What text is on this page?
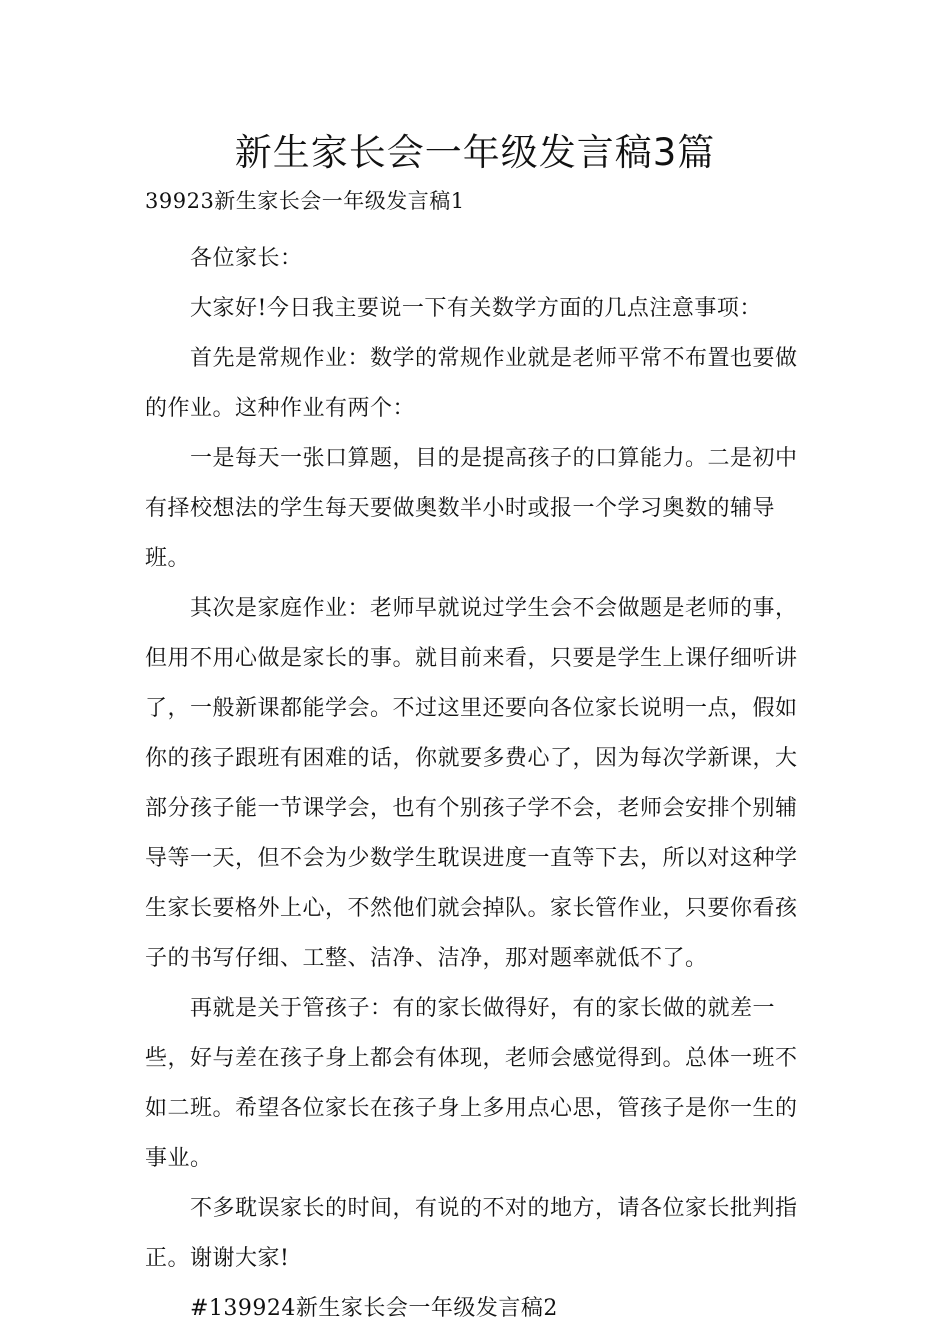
新生家长会一年级发言稿3篇

39923新生家长会一年级发言稿1

各位家长：

大家好!今日我主要说一下有关数学方面的几点注意事项：

首先是常规作业：数学的常规作业就是老师平常不布置也要做的作业。这种作业有两个：

一是每天一张口算题，目的是提高孩子的口算能力。二是初中有择校想法的学生每天要做奥数半小时或报一个学习奥数的辅导班。

其次是家庭作业：老师早就说过学生会不会做题是老师的事，但用不用心做是家长的事。就目前来看，只要是学生上课仔细听讲了，一般新课都能学会。不过这里还要向各位家长说明一点，假如你的孩子跟班有困难的话，你就要多费心了，因为每次学新课，大部分孩子能一节课学会，也有个别孩子学不会，老师会安排个别辅导等一天，但不会为少数学生耽误进度一直等下去，所以对这种学生家长要格外上心，不然他们就会掉队。家长管作业，只要你看孩子的书写仔细、工整、洁净、洁净，那对题率就低不了。

再就是关于管孩子：有的家长做得好，有的家长做的就差一些，好与差在孩子身上都会有体现，老师会感觉得到。总体一班不如二班。希望各位家长在孩子身上多用点心思，管孩子是你一生的事业。

不多耽误家长的时间，有说的不对的地方，请各位家长批判指正。谢谢大家!

#139924新生家长会一年级发言稿2
